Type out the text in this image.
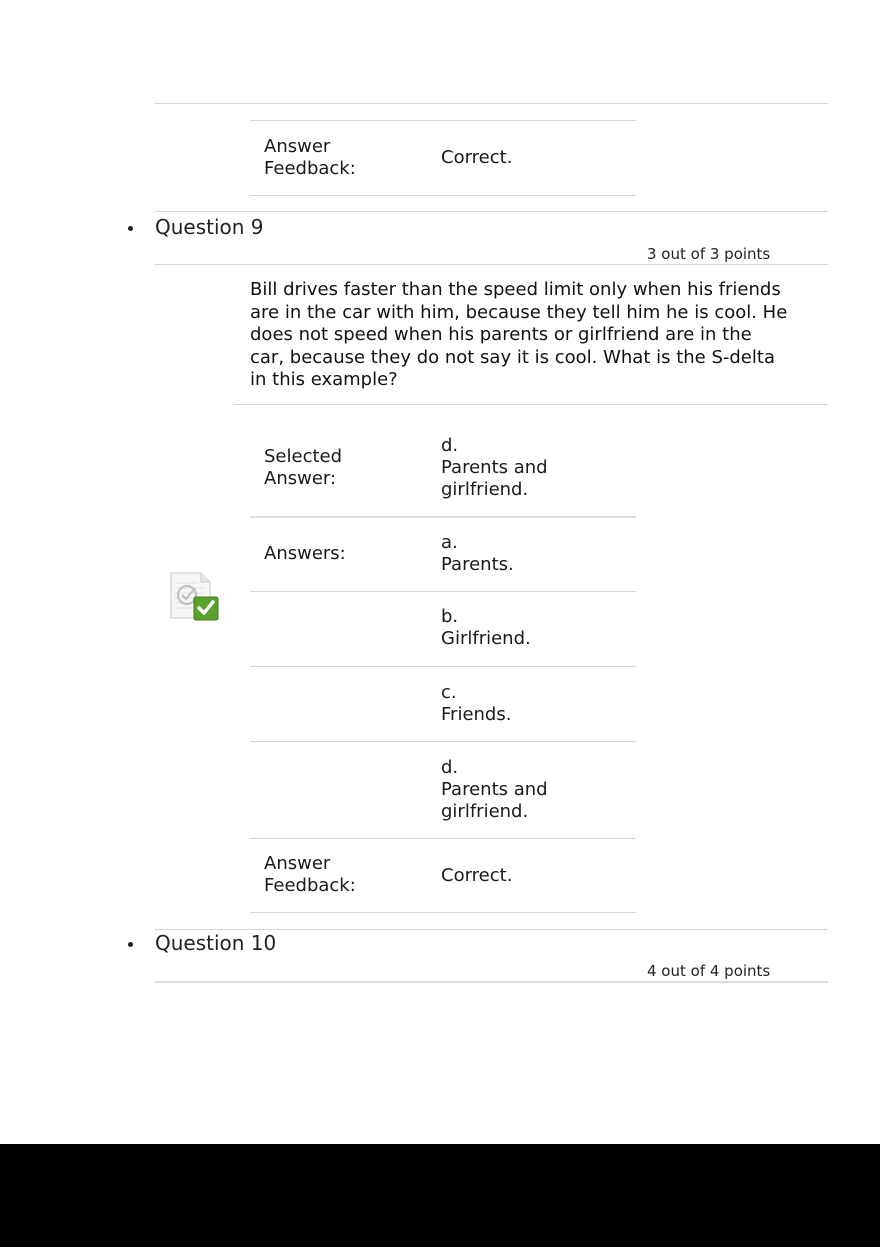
Answer
Feedback:
Correct.
Question 9
3 out of 3 points
Bill drives faster than the speed limit only when his friends
are in the car with him, because they tell him he is cool. He
does not speed when his parents or girlfriend are in the
car, because they do not say it is cool. What is the S-delta
in this example?
Selected
Answer:
d.
Parents and
girlfriend.
Answers:
a.
Parents.
b.
Girlfriend.
c.
Friends.
d.
Parents and
girlfriend.
Answer
Feedback:	Correct.
Question 10
4 out of 4 points
